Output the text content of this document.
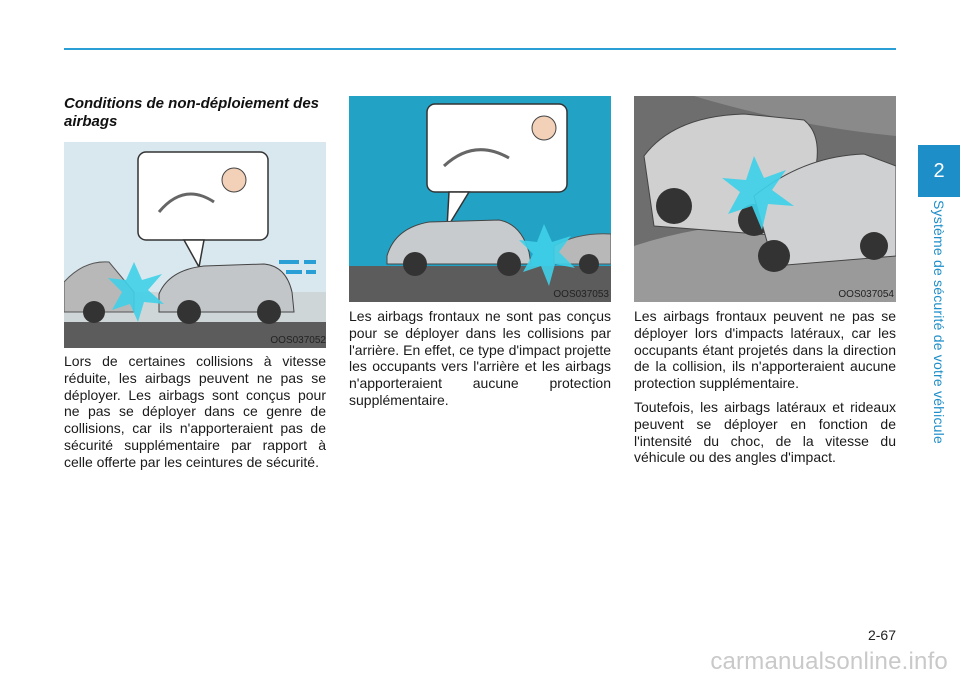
2
Système de sécurité de votre véhicule
Conditions de non-déploiement des airbags
OOS037052
OOS037053	OOS037054

Lors de certaines collisions à vitesse réduite, les airbags peuvent ne pas se déployer. Les airbags sont conçus pour ne pas se déployer dans ce genre de collisions, car ils n'apporteraient pas de sécurité supplémentaire par rapport à celle offerte par les ceintures de sécurité.

Les airbags frontaux ne sont pas conçus pour se déployer dans les collisions par l'arrière. En effet, ce type d'impact projette les occupants vers l'arrière et les airbags n'apporteraient aucune protection supplémentaire.

Les airbags frontaux peuvent ne pas se déployer lors d'impacts latéraux, car les occupants étant projetés dans la direction de la collision, ils n'apporteraient aucune protection supplémentaire.

Toutefois, les airbags latéraux et rideaux peuvent se déployer en fonction de l'intensité du choc, de la vitesse du véhicule ou des angles d'impact.

2-67
carmanualsonline.info
